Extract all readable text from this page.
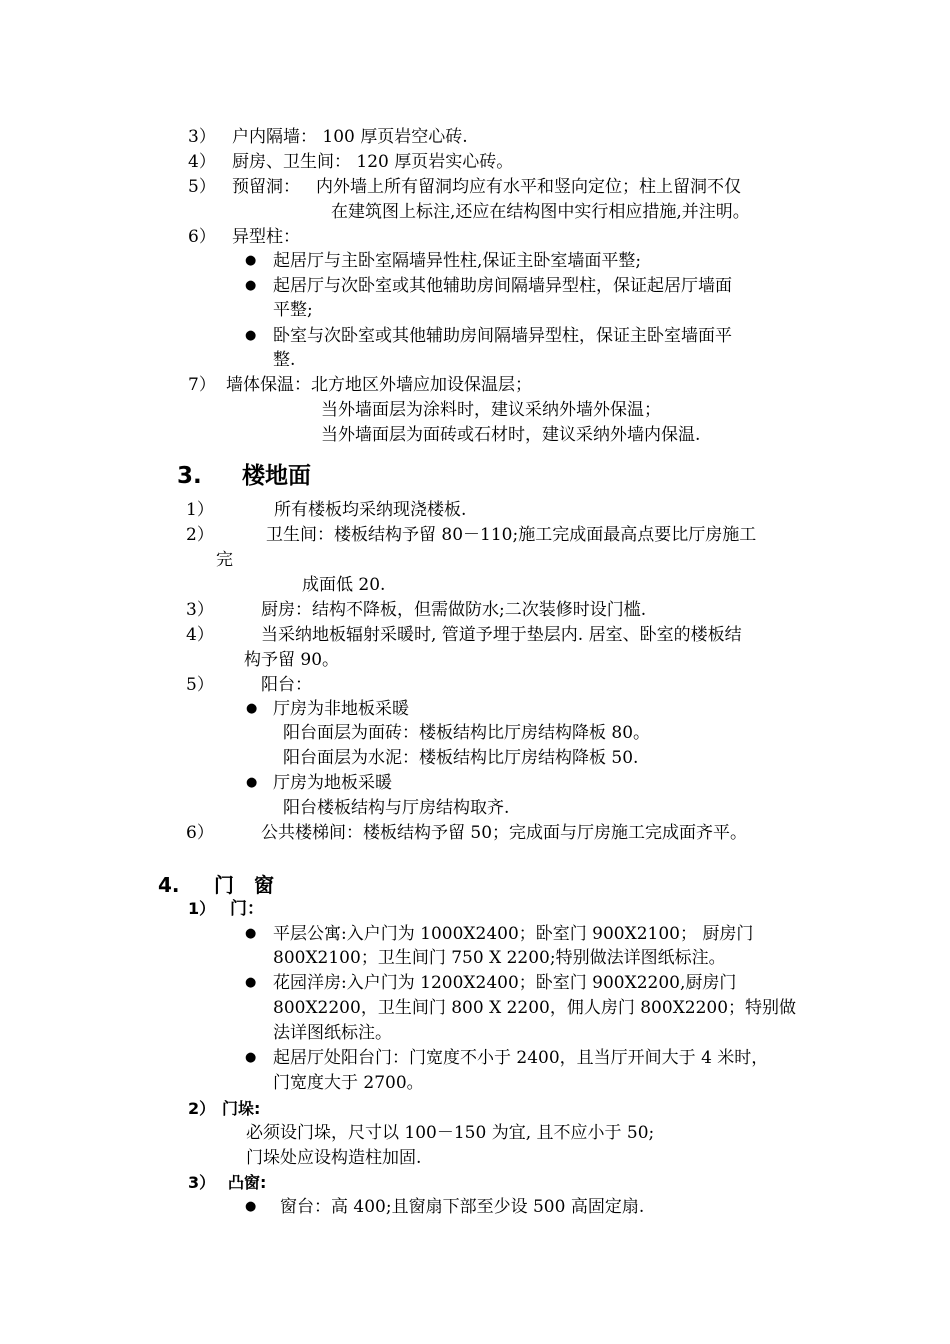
3） 户内隔墙： 100 厚页岩空心砖.
4） 厨房、卫生间： 120 厚页岩实心砖。
5） 预留洞： 内外墙上所有留洞均应有水平和竖向定位；柱上留洞不仅
在建筑图上标注,还应在结构图中实行相应措施,并注明。
6） 异型柱：
● 起居厅与主卧室隔墙异性柱,保证主卧室墙面平整;
● 起居厅与次卧室或其他辅助房间隔墙异型柱，保证起居厅墙面
平整;
● 卧室与次卧室或其他辅助房间隔墙异型柱，保证主卧室墙面平
整.
7） 墙体保温：北方地区外墙应加设保温层；
当外墙面层为涂料时，建议采纳外墙外保温；
当外墙面层为面砖或石材时，建议采纳外墙内保温.
3. 楼地面
1）	所有楼板均采纳现浇楼板.
2）	卫生间：楼板结构予留 80－110;施工完成面最高点要比厅房施工
完
成面低 20.
3）	厨房：结构不降板，但需做防水;二次装修时设门槛.
4）	当采纳地板辐射采暖时, 管道予埋于垫层内. 居室、卧室的楼板结
构予留 90。
5）	阳台：
● 厅房为非地板采暖
阳台面层为面砖：楼板结构比厅房结构降板 80。
阳台面层为水泥：楼板结构比厅房结构降板 50.
● 厅房为地板采暖
阳台楼板结构与厅房结构取齐.
6）	公共楼梯间：楼板结构予留 50；完成面与厅房施工完成面齐平。
4. 门　窗
1） 门：
● 平层公寓:入户门为 1000X2400；卧室门 900X2100； 厨房门
800X2100；卫生间门 750 X 2200;特别做法详图纸标注。
● 花园洋房:入户门为 1200X2400；卧室门 900X2200,厨房门
800X2200，卫生间门 800 X 2200，佣人房门 800X2200；特别做
法详图纸标注。
● 起居厅处阳台门：门宽度不小于 2400，且当厅开间大于 4 米时，
门宽度大于 2700。
2） 门垛:
必须设门垛，尺寸以 100－150 为宜, 且不应小于 50;
门垛处应设构造柱加固.
3） 凸窗:
● 窗台：高 400;且窗扇下部至少设 500 高固定扇.
